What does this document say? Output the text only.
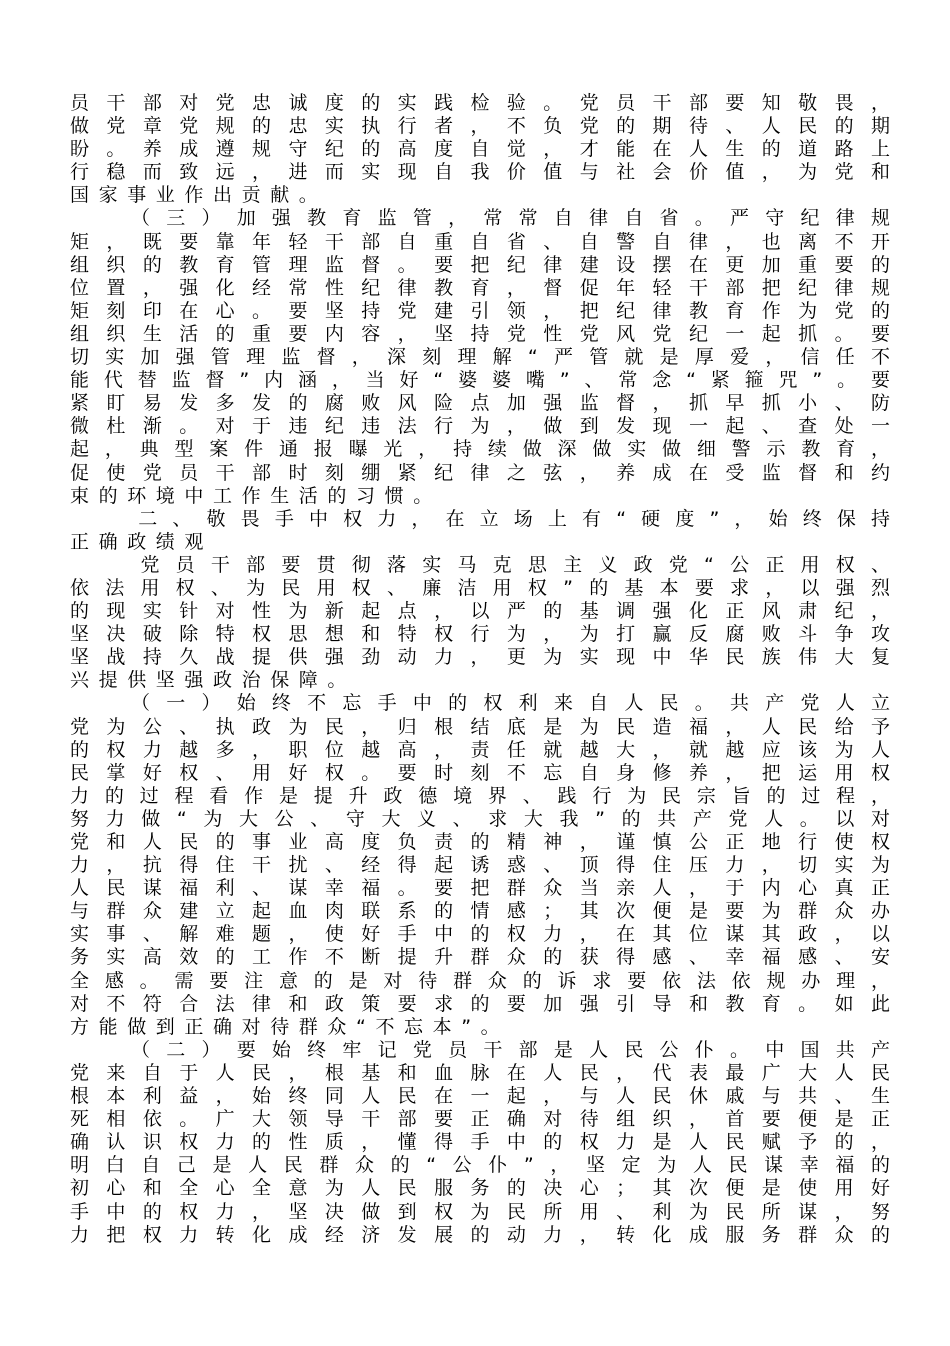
员干部对党忠诚度的实践检验。党员干部要知敬畏，
做党章党规的忠实执行者，不负党的期待、人民的期
盼。养成遵规守纪的高度自觉，才能在人生的道路上
行稳而致远，进而实现自我价值与社会价值，为党和
国家事业作出贡献。
　　（三）加强教育监管，常常自律自省。严守纪律规
矩，既要靠年轻干部自重自省、自警自律，也离不开
组织的教育管理监督。要把纪律建设摆在更加重要的
位置，强化经常性纪律教育，督促年轻干部把纪律规
矩刻印在心。要坚持党建引领，把纪律教育作为党的
组织生活的重要内容，坚持党性党风党纪一起抓。要
切实加强管理监督，深刻理解“严管就是厚爱，信任不
能代替监督”内涵，当好“婆婆嘴”、常念“紧箍咒”。要
紧盯易发多发的腐败风险点加强监督，抓早抓小、防
微杜渐。对于违纪违法行为，做到发现一起、查处一
起，典型案件通报曝光，持续做深做实做细警示教育，
促使党员干部时刻绷紧纪律之弦，养成在受监督和约
束的环境中工作生活的习惯。
　　二、敬畏手中权力，在立场上有“硬度”，始终保持
正确政绩观
　　党员干部要贯彻落实马克思主义政党“公正用权、
依法用权、为民用权、廉洁用权”的基本要求，以强烈
的现实针对性为新起点，以严的基调强化正风肃纪，
坚决破除特权思想和特权行为，为打赢反腐败斗争攻
坚战持久战提供强劲动力，更为实现中华民族伟大复
兴提供坚强政治保障。
　　（一）始终不忘手中的权利来自人民。共产党人立
党为公、执政为民，归根结底是为民造福，人民给予
的权力越多，职位越高，责任就越大，就越应该为人
民掌好权、用好权。要时刻不忘自身修养，把运用权
力的过程看作是提升政德境界、践行为民宗旨的过程，
努力做“为大公、守大义、求大我”的共产党人。以对
党和人民的事业高度负责的精神，谨慎公正地行使权
力，抗得住干扰、经得起诱惑、顶得住压力，切实为
人民谋福利、谋幸福。要把群众当亲人，于内心真正
与群众建立起血肉联系的情感；其次便是要为群众办
实事、解难题，使好手中的权力，在其位谋其政，以
务实高效的工作不断提升群众的获得感、幸福感、安
全感。需要注意的是对待群众的诉求要依法依规办理，
对不符合法律和政策要求的要加强引导和教育。如此
方能做到正确对待群众“不忘本”。
　　（二）要始终牢记党员干部是人民公仆。中国共产
党来自于人民，根基和血脉在人民，代表最广大人民
根本利益，始终同人民在一起，与人民休戚与共、生
死相依。广大领导干部要正确对待组织，首要便是正
确认识权力的性质，懂得手中的权力是人民赋予的，
明白自己是人民群众的“公仆”，坚定为人民谋幸福的
初心和全心全意为人民服务的决心；其次便是使用好
手中的权力，坚决做到权为民所用、利为民所谋，努
力把权力转化成经济发展的动力，转化成服务群众的
